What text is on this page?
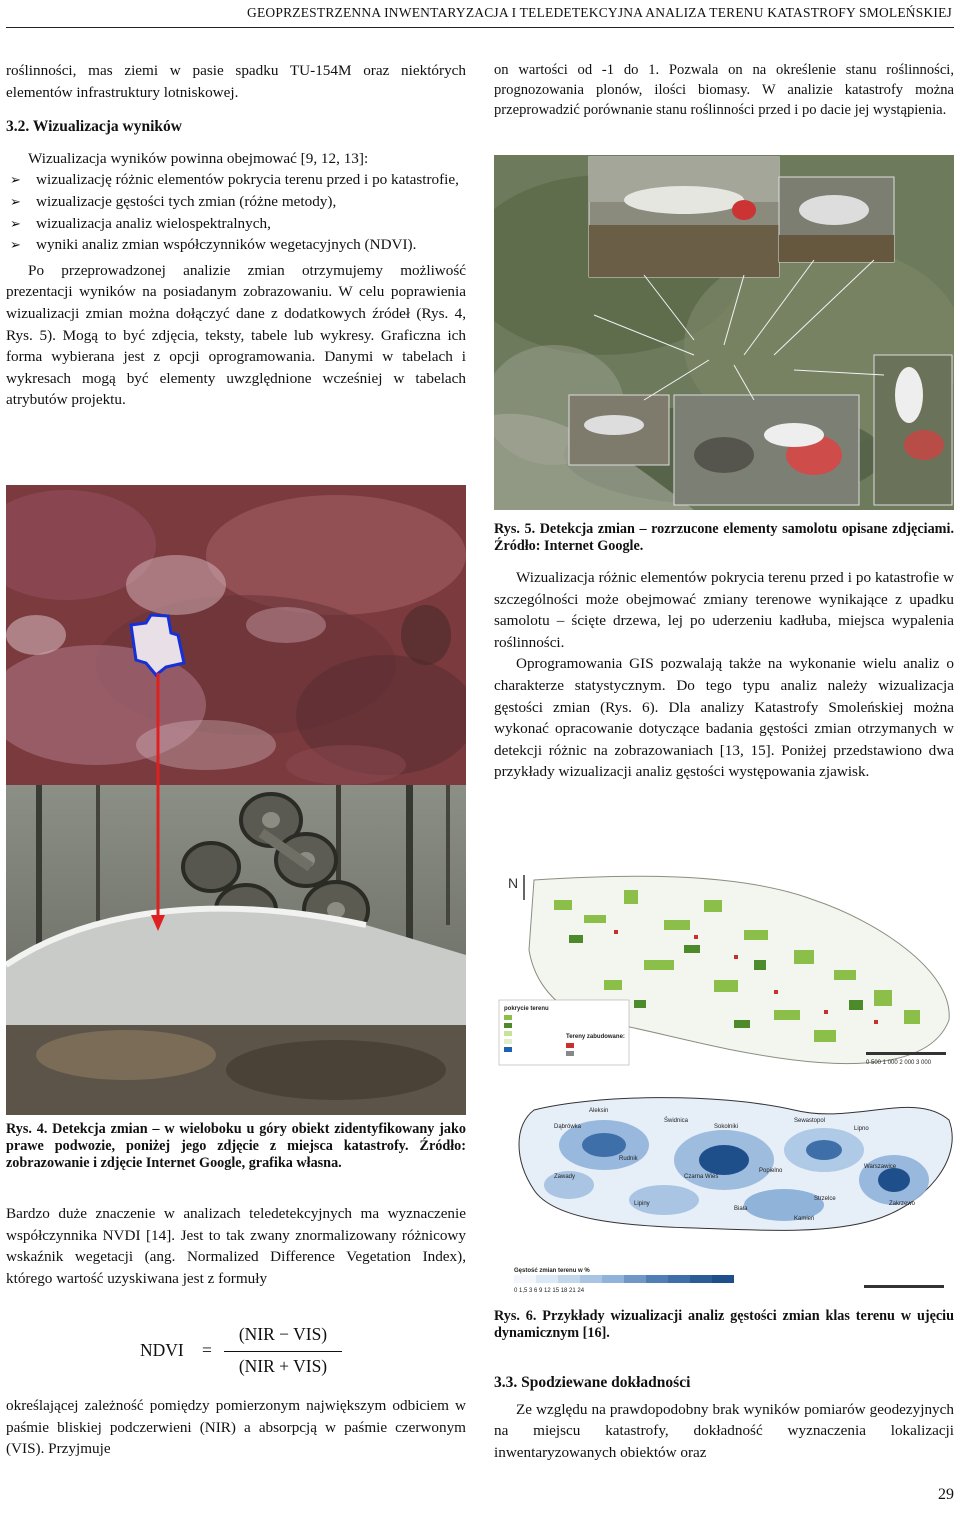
GEOPRZESTRZENNA INWENTARYZACJA I TELEDETEKCYJNA ANALIZA TERENU KATASTROFY SMOLEŃSKIEJ

roślinności, mas ziemi w pasie spadku TU-154M oraz niektórych elementów infrastruktury lotniskowej.

3.2. Wizualizacja wyników

Wizualizacja wyników powinna obejmować [9, 12, 13]:

➢ wizualizację różnic elementów pokrycia terenu przed i po katastrofie,
➢ wizualizacje gęstości tych zmian (różne metody),
➢ wizualizacja analiz wielospektralnych,
➢ wyniki analiz zmian współczynników wegetacyjnych (NDVI).

Po przeprowadzonej analizie zmian otrzymujemy możliwość prezentacji wyników na posiadanym zobrazowaniu. W celu poprawienia wizualizacji zmian można dołączyć dane z dodatkowych źródeł (Rys. 4, Rys. 5). Mogą to być zdjęcia, teksty, tabele lub wykresy. Graficzna ich forma wybierana jest z opcji oprogramowania. Danymi w tabelach i wykresach mogą być elementy uwzględnione wcześniej w tabelach atrybutów projektu.

Rys. 4. Detekcja zmian – w wieloboku u góry obiekt zidentyfikowany jako prawe podwozie, poniżej jego zdjęcie z miejsca katastrofy. Źródło: zobrazowanie i zdjęcie Internet Google, grafika własna.

Bardzo duże znaczenie w analizach teledetekcyjnych ma wyznaczenie współczynnika NVDI [14]. Jest to tak zwany znormalizowany różnicowy wskaźnik wegetacji (ang. Normalized Difference Vegetation Index), którego wartość uzyskiwana jest z formuły

NDVI =
(NIR − VIS)
(NIR + VIS)

określającej zależność pomiędzy pomierzonym największym odbiciem w paśmie bliskiej podczerwieni (NIR) a absorpcją w paśmie czerwonym (VIS). Przyjmuje

on wartości od -1 do 1. Pozwala on na określenie stanu roślinności, prognozowania plonów, ilości biomasy. W analizie katastrofy można przeprowadzić porównanie stanu roślinności przed i po dacie jej wystąpienia.

Rys. 5. Detekcja zmian – rozrzucone elementy samolotu opisane zdjęciami. Źródło: Internet Google.

Wizualizacja różnic elementów pokrycia terenu przed i po katastrofie w szczególności może obejmować zmiany terenowe wynikające z upadku samolotu – ścięte drzewa, lej po uderzeniu kadłuba, miejsca wypalenia roślinności.

Oprogramowania GIS pozwalają także na wykonanie wielu analiz o charakterze statystycznym. Do tego typu analiz należy wizualizacja gęstości zmian (Rys. 6). Dla analizy Katastrofy Smoleńskiej można wykonać opracowanie dotyczące badania gęstości zmian otrzymanych w detekcji różnic na zobrazowaniach [13, 15]. Poniżej przedstawiono dwa przykłady wizualizacji analiz gęstości występowania zjawisk.

N
pokrycie terenu
Tereny zabudowane:
0 500 1 000 2 000 3 000
Aleksin
Dąbrówka
Świdnica
Sokolniki
Sewastopol
Lipno
Rudnik
Czarna Wieś
Popielno
Warszawice
Zawady
Lipiny
Biała
Strzelce
Zakrzewo
Kamień
Gęstość zmian terenu w %
0 1,5 3 6 9 12 15 18 21 24
Rys. 6. Przykłady wizualizacji analiz gęstości zmian klas terenu w ujęciu dynamicznym [16].

3.3. Spodziewane dokładności

Ze względu na prawdopodobny brak wyników pomiarów geodezyjnych na miejscu katastrofy, dokładność wyznaczenia lokalizacji inwentaryzowanych obiektów oraz

29
